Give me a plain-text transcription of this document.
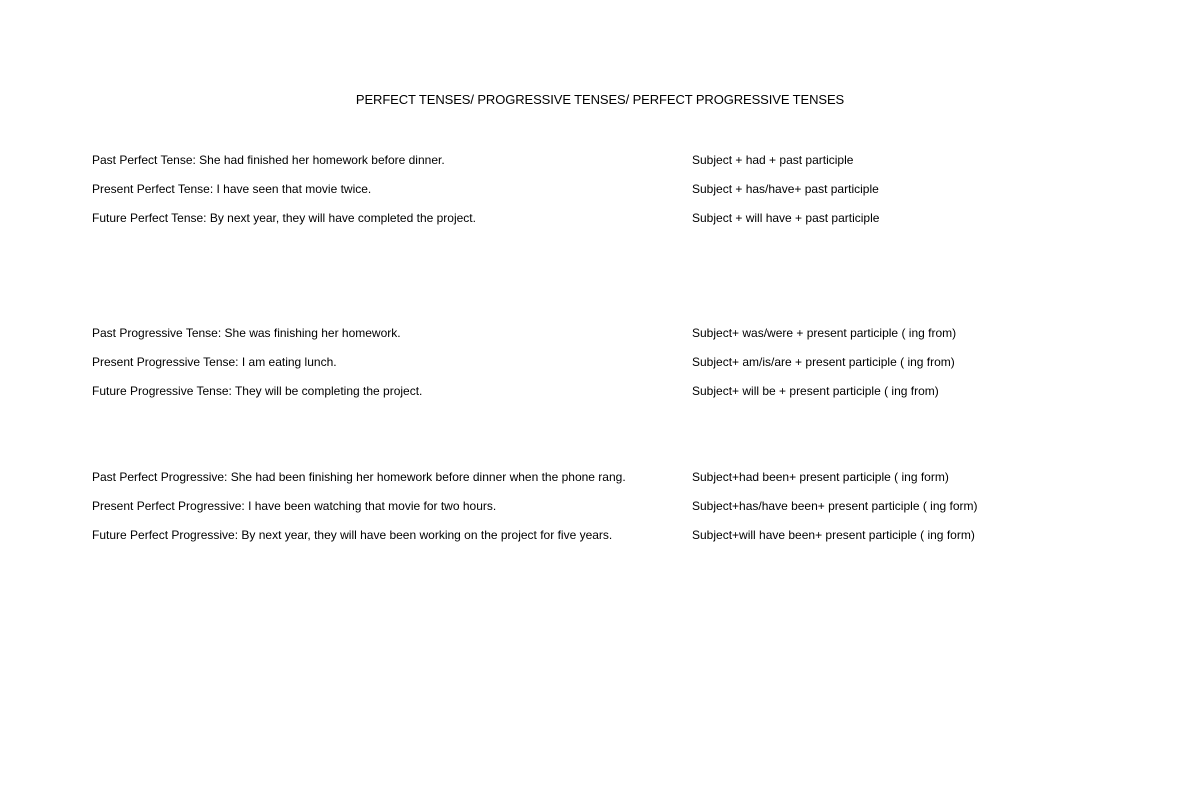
PERFECT TENSES/ PROGRESSIVE TENSES/ PERFECT PROGRESSIVE TENSES
Past Perfect Tense: She had finished her homework before dinner.	Subject + had + past participle
Present Perfect Tense: I have seen that movie twice.	Subject + has/have+ past participle
Future Perfect Tense: By next year, they will have completed the project.	Subject + will have + past participle
Past Progressive Tense: She was finishing her homework.	Subject+ was/were + present participle ( ing from)
Present Progressive Tense: I am eating lunch.	Subject+ am/is/are + present participle ( ing from)
Future Progressive Tense: They will be completing the project.	Subject+ will be + present participle ( ing from)
Past Perfect Progressive: She had been finishing her homework before dinner when the phone rang.	Subject+had been+ present participle ( ing form)
Present Perfect Progressive: I have been watching that movie for two hours.	Subject+has/have been+ present participle ( ing form)
Future Perfect Progressive: By next year, they will have been working on the project for five years.	Subject+will have been+ present participle ( ing form)
